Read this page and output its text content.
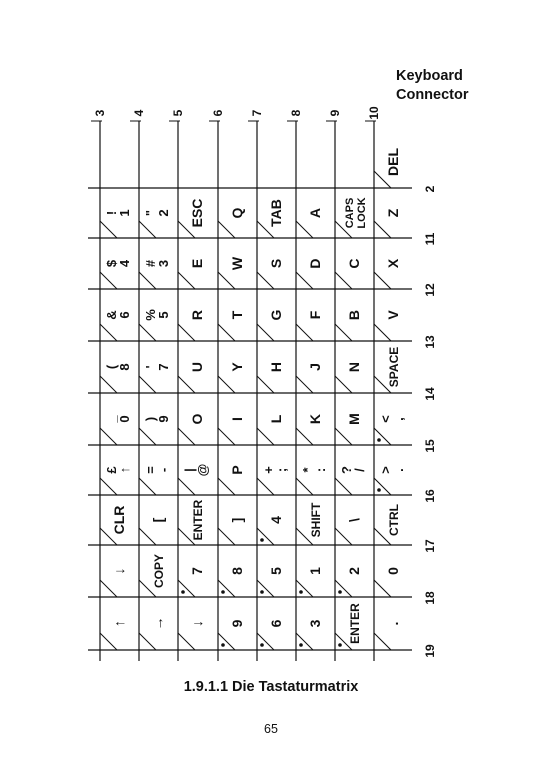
Keyboard
Connector
3 4 5 6 7 8 9 10
2
11
12
13
14
15
16
17
18
19
DEL
!
1 "
2 ESC Q TAB A CAPS LOCK Z
$
4 #
3 E W S D C X
&
6 %
5 R T G F B V
(
8 '
7 U Y H J N SPACE
_
0 )
9 O I L K M <
,
£
↑ =
- |
@ P +
; *
: ?
/ >
.
CLR [ ENTER ] 4 SHIFT \ CTRL
↓ COPY 7 8 5 1 2 0
↑ → ↓ 9 6 3 ENTER .
1.9.1.1 Die Tastaturmatrix
65
